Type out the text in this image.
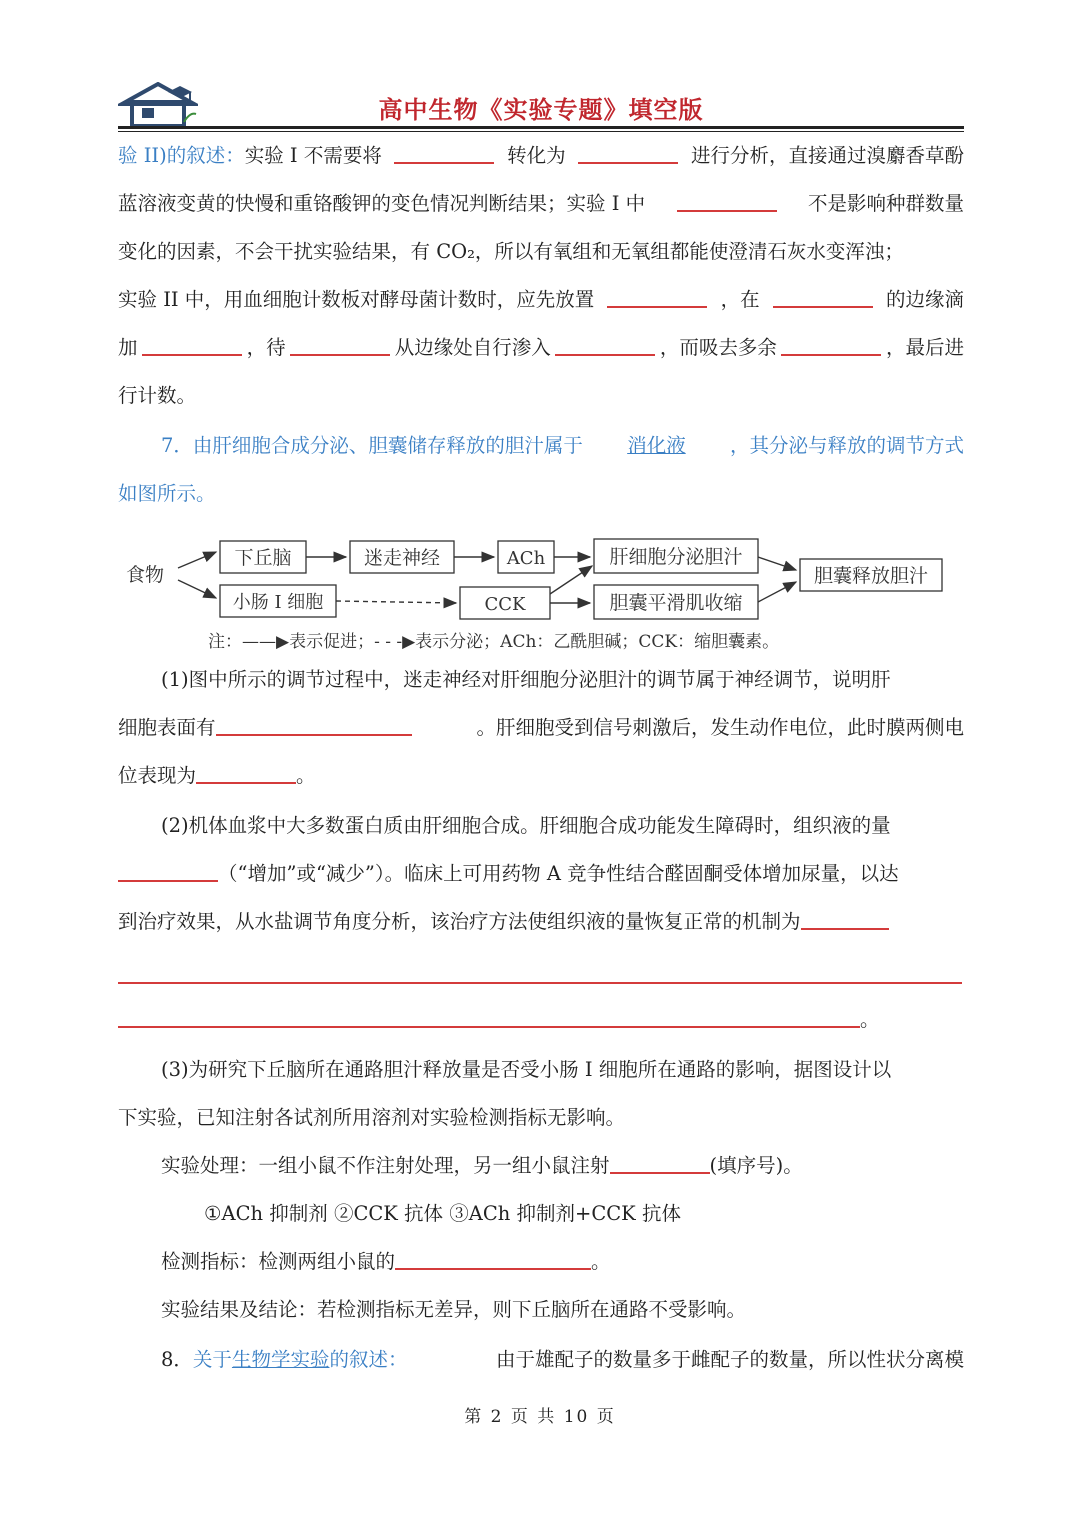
高中生物《实验专题》填空版
验 II)的叙述：实验 I 不需要将	转化为	进行分析，直接通过溴麝香草酚
蓝溶液变黄的快慢和重铬酸钾的变色情况判断结果；实验 I 中	不是影响种群数量
变化的因素，不会干扰实验结果，有 CO₂，所以有氧组和无氧组都能使澄清石灰水变浑浊；
实验 II 中，用血细胞计数板对酵母菌计数时，应先放置	，在	的边缘滴
加	，待	从边缘处自行渗入	，而吸去多余	，最后进
行计数。
7．由肝细胞合成分泌、胆囊储存释放的胆汁属于 消化液 ，其分泌与释放的调节方式
如图所示。
(1)图中所示的调节过程中，迷走神经对肝细胞分泌胆汁的调节属于神经调节，说明肝
细胞表面有	。肝细胞受到信号刺激后，发生动作电位，此时膜两侧电
位表现为	。
(2)机体血浆中大多数蛋白质由肝细胞合成。肝细胞合成功能发生障碍时，组织液的量
（“增加”或“减少”）。临床上可用药物 A 竞争性结合醛固酮受体增加尿量，以达
到治疗效果，从水盐调节角度分析，该治疗方法使组织液的量恢复正常的机制为
。
(3)为研究下丘脑所在通路胆汁释放量是否受小肠 I 细胞所在通路的影响，据图设计以
下实验，已知注射各试剂所用溶剂对实验检测指标无影响。
实验处理：一组小鼠不作注射处理，另一组小鼠注射	(填序号)。
①ACh 抑制剂 ②CCK 抗体 ③ACh 抑制剂+CCK 抗体
检测指标：检测两组小鼠的	。
实验结果及结论：若检测指标无差异，则下丘脑所在通路不受影响。
8．关于生物学实验的叙述：	由于雄配子的数量多于雌配子的数量，所以性状分离模
食物
下丘脑	迷走神经	ACh	肝细胞分泌胆汁
小肠 I 细胞	CCK	胆囊平滑肌收缩
胆囊释放胆汁
注：——▶表示促进；- - -▶表示分泌；ACh：乙酰胆碱；CCK：缩胆囊素。
第 2 页 共 10 页
